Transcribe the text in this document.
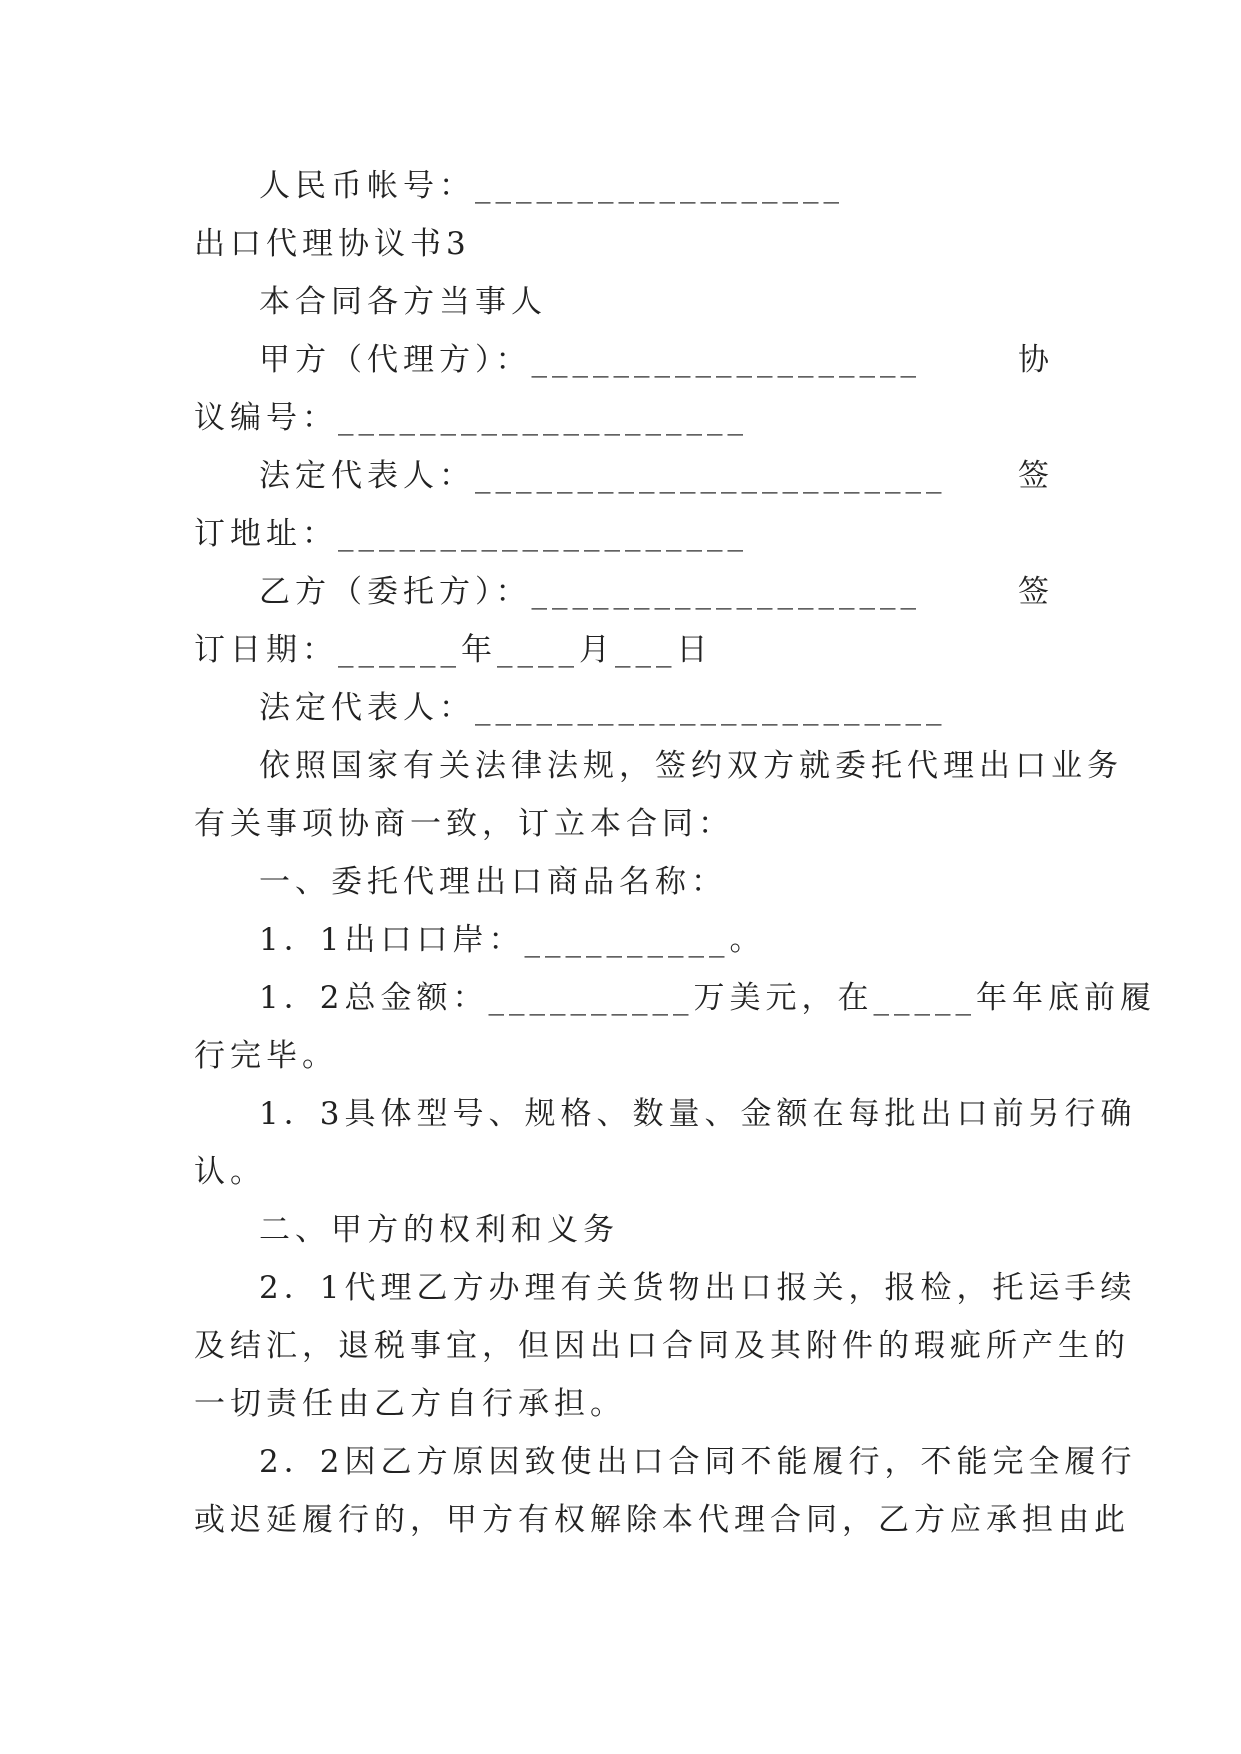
人民币帐号：__________________
出口代理协议书3
本合同各方当事人
甲方（代理方）：___________________	协
议编号：____________________
法定代表人：_______________________ 签
订地址：____________________
乙方（委托方）：___________________	签
订日期：______年____月___日
法定代表人：_______________________
依照国家有关法律法规，签约双方就委托代理出口业务
有关事项协商一致，订立本合同：
一、委托代理出口商品名称：
1．1出口口岸：__________。
1．2总金额：__________万美元，在_____年年底前履
行完毕。
1．3具体型号、规格、数量、金额在每批出口前另行确
认。
二、甲方的权利和义务
2．1代理乙方办理有关货物出口报关，报检，托运手续
及结汇，退税事宜，但因出口合同及其附件的瑕疵所产生的
一切责任由乙方自行承担。
2．2因乙方原因致使出口合同不能履行，不能完全履行
或迟延履行的，甲方有权解除本代理合同，乙方应承担由此
